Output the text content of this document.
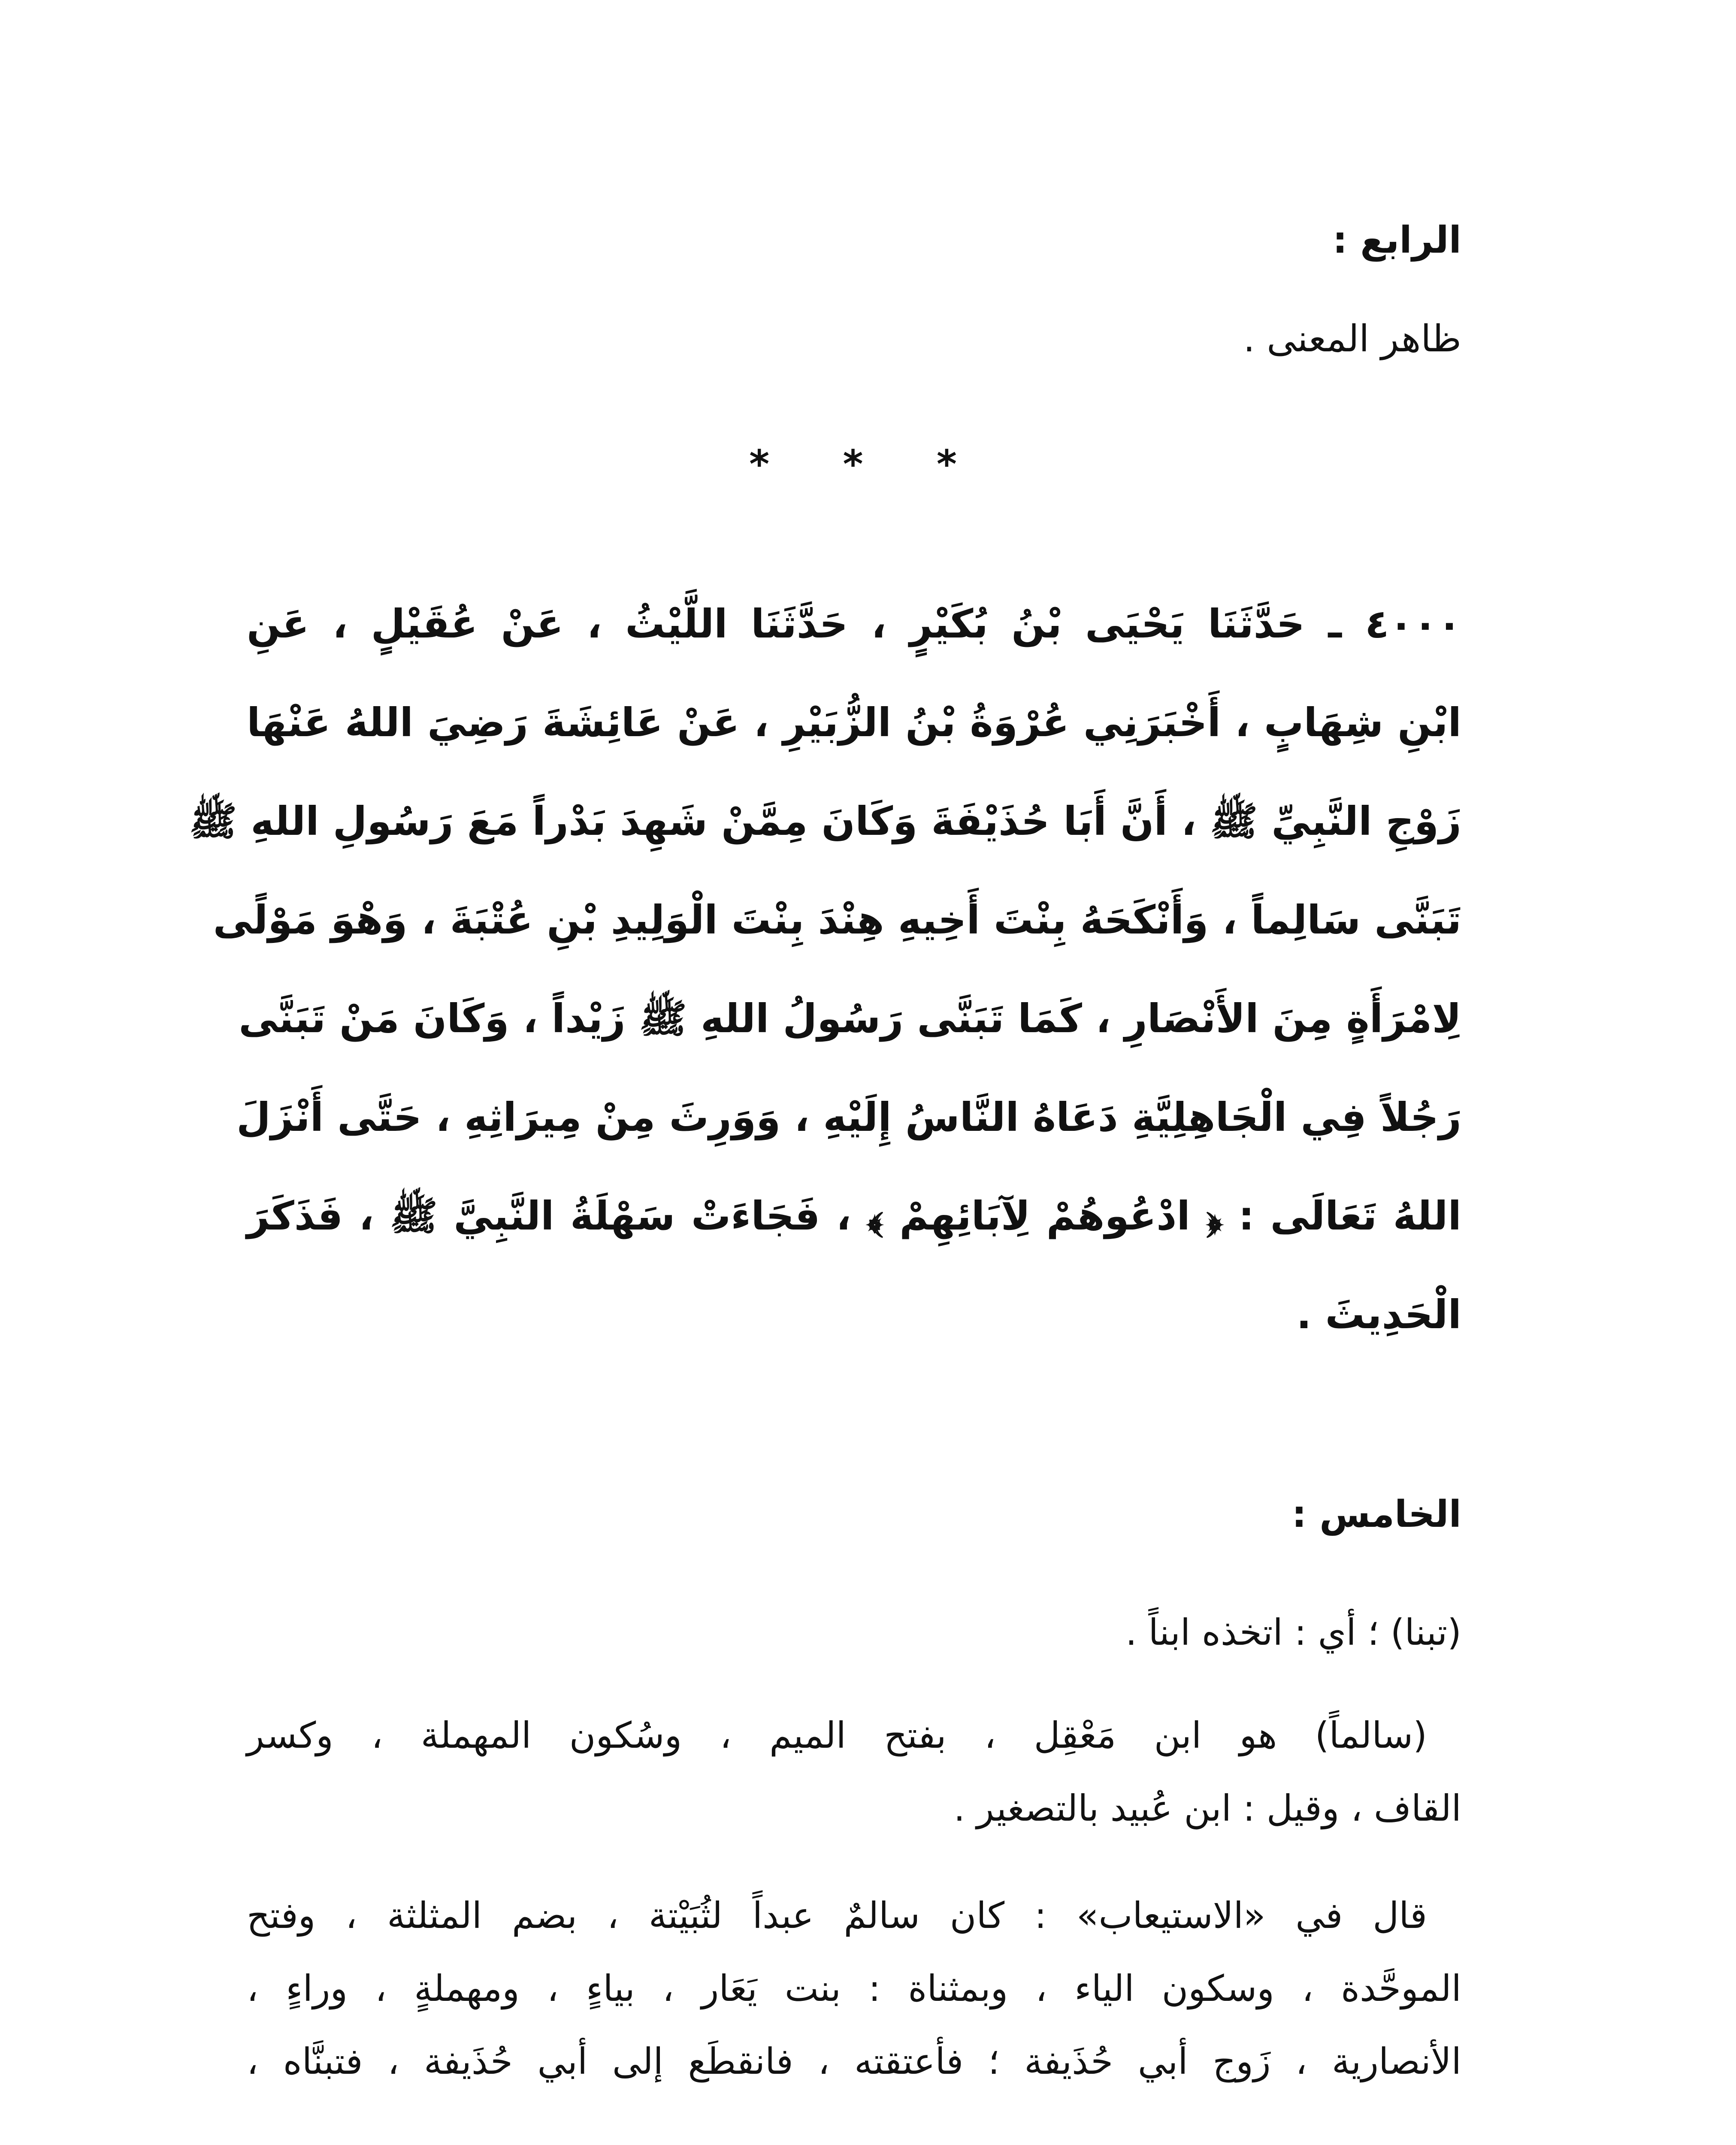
الرابع :
ظاهر المعنى .
* * *
٤٠٠٠ ـ حَدَّثَنَا يَحْيَى بْنُ بُكَيْرٍ ، حَدَّثَنَا اللَّيْثُ ، عَنْ عُقَيْلٍ ، عَنِ
ابْنِ شِهَابٍ ، أَخْبَرَنِي عُرْوَةُ بْنُ الزُّبَيْرِ ، عَنْ عَائِشَةَ رَضِيَ اللهُ عَنْهَا
زَوْجِ النَّبِيِّ ﷺ ، أَنَّ أَبَا حُذَيْفَةَ وَكَانَ مِمَّنْ شَهِدَ بَدْراً مَعَ رَسُولِ اللهِ ﷺ
تَبَنَّى سَالِماً ، وَأَنْكَحَهُ بِنْتَ أَخِيهِ هِنْدَ بِنْتَ الْوَلِيدِ بْنِ عُتْبَةَ ، وَهْوَ مَوْلًى
لِامْرَأَةٍ مِنَ الأَنْصَارِ ، كَمَا تَبَنَّى رَسُولُ اللهِ ﷺ زَيْداً ، وَكَانَ مَنْ تَبَنَّى
رَجُلاً فِي الْجَاهِلِيَّةِ دَعَاهُ النَّاسُ إِلَيْهِ ، وَوَرِثَ مِنْ مِيرَاثِهِ ، حَتَّى أَنْزَلَ
اللهُ تَعَالَى : ﴿ ادْعُوهُمْ لِآبَائِهِمْ ﴾ ، فَجَاءَتْ سَهْلَةُ النَّبِيَّ ﷺ ، فَذَكَرَ
الْحَدِيثَ .
الخامس :
(تبنا) ؛ أي : اتخذه ابناً .
(سالماً) هو ابن مَعْقِل ، بفتح الميم ، وسُكون المهملة ، وكسر
القاف ، وقيل : ابن عُبيد بالتصغير .
قال في «الاستيعاب» : كان سالمٌ عبداً لثُبَيْتة ، بضم المثلثة ، وفتح
الموحَّدة ، وسكون الياء ، وبمثناة : بنت يَعَار ، بياءٍ ، ومهملةٍ ، وراءٍ ،
الأنصارية ، زَوج أبي حُذَيفة ؛ فأعتقته ، فانقطَع إلى أبي حُذَيفة ، فتبنَّاه ،
